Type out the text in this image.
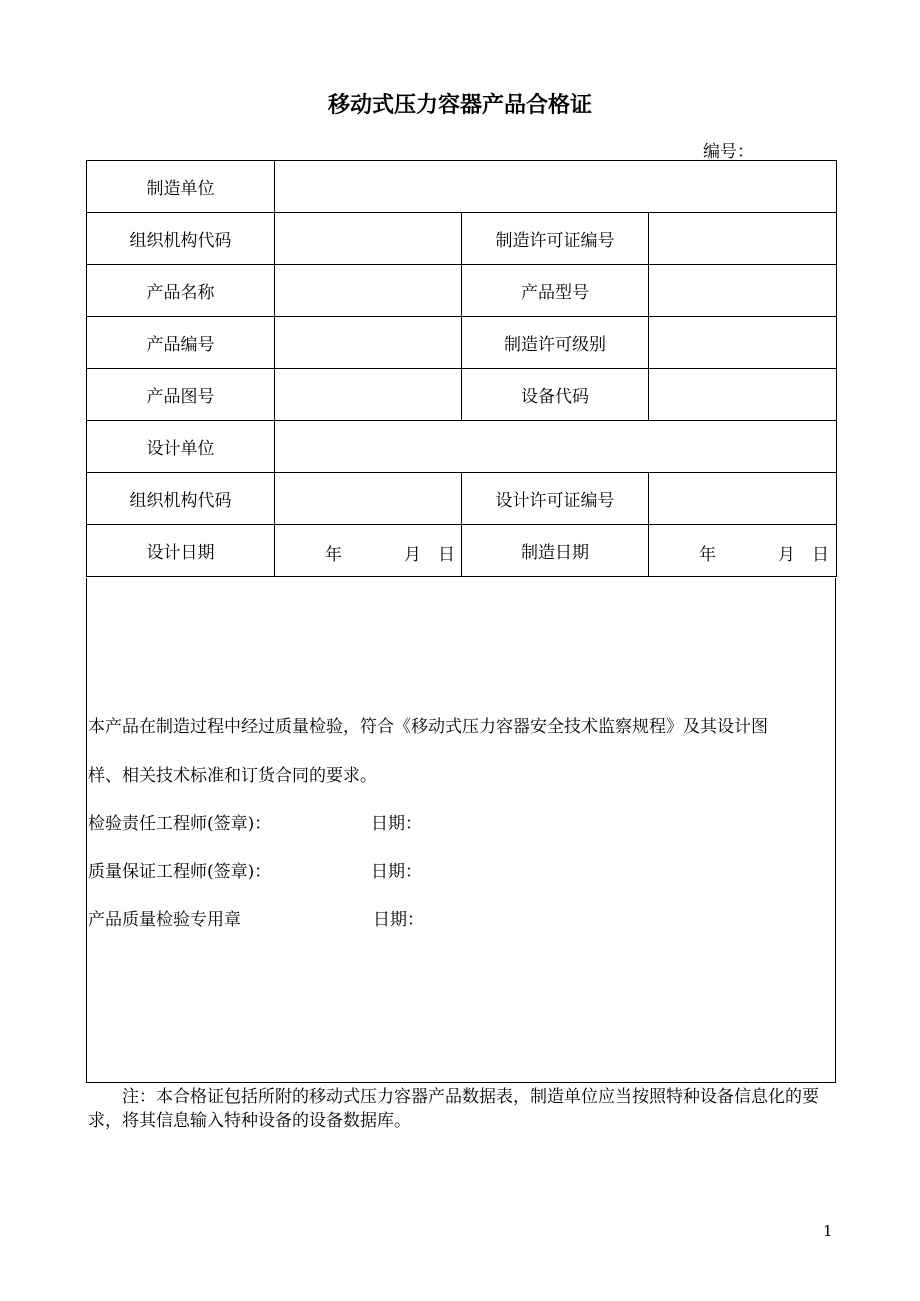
移动式压力容器产品合格证
编号：
制造单位			
组织机构代码		制造许可证编号	
产品名称		产品型号	
产品编号		制造许可级别	
产品图号		设备代码	
设计单位			
组织机构代码		设计许可证编号	
设计日期	年 月 日	制造日期	年 月 日
本产品在制造过程中经过质量检验，符合《移动式压力容器安全技术监察规程》及其设计图
样、相关技术标准和订货合同的要求。
检验责任工程师(签章)：	日期：
质量保证工程师(签章)：	日期：
产品质量检验专用章	日期：
注：本合格证包括所附的移动式压力容器产品数据表，制造单位应当按照特种设备信息化的要求，将其信息输入特种设备的设备数据库。
1
